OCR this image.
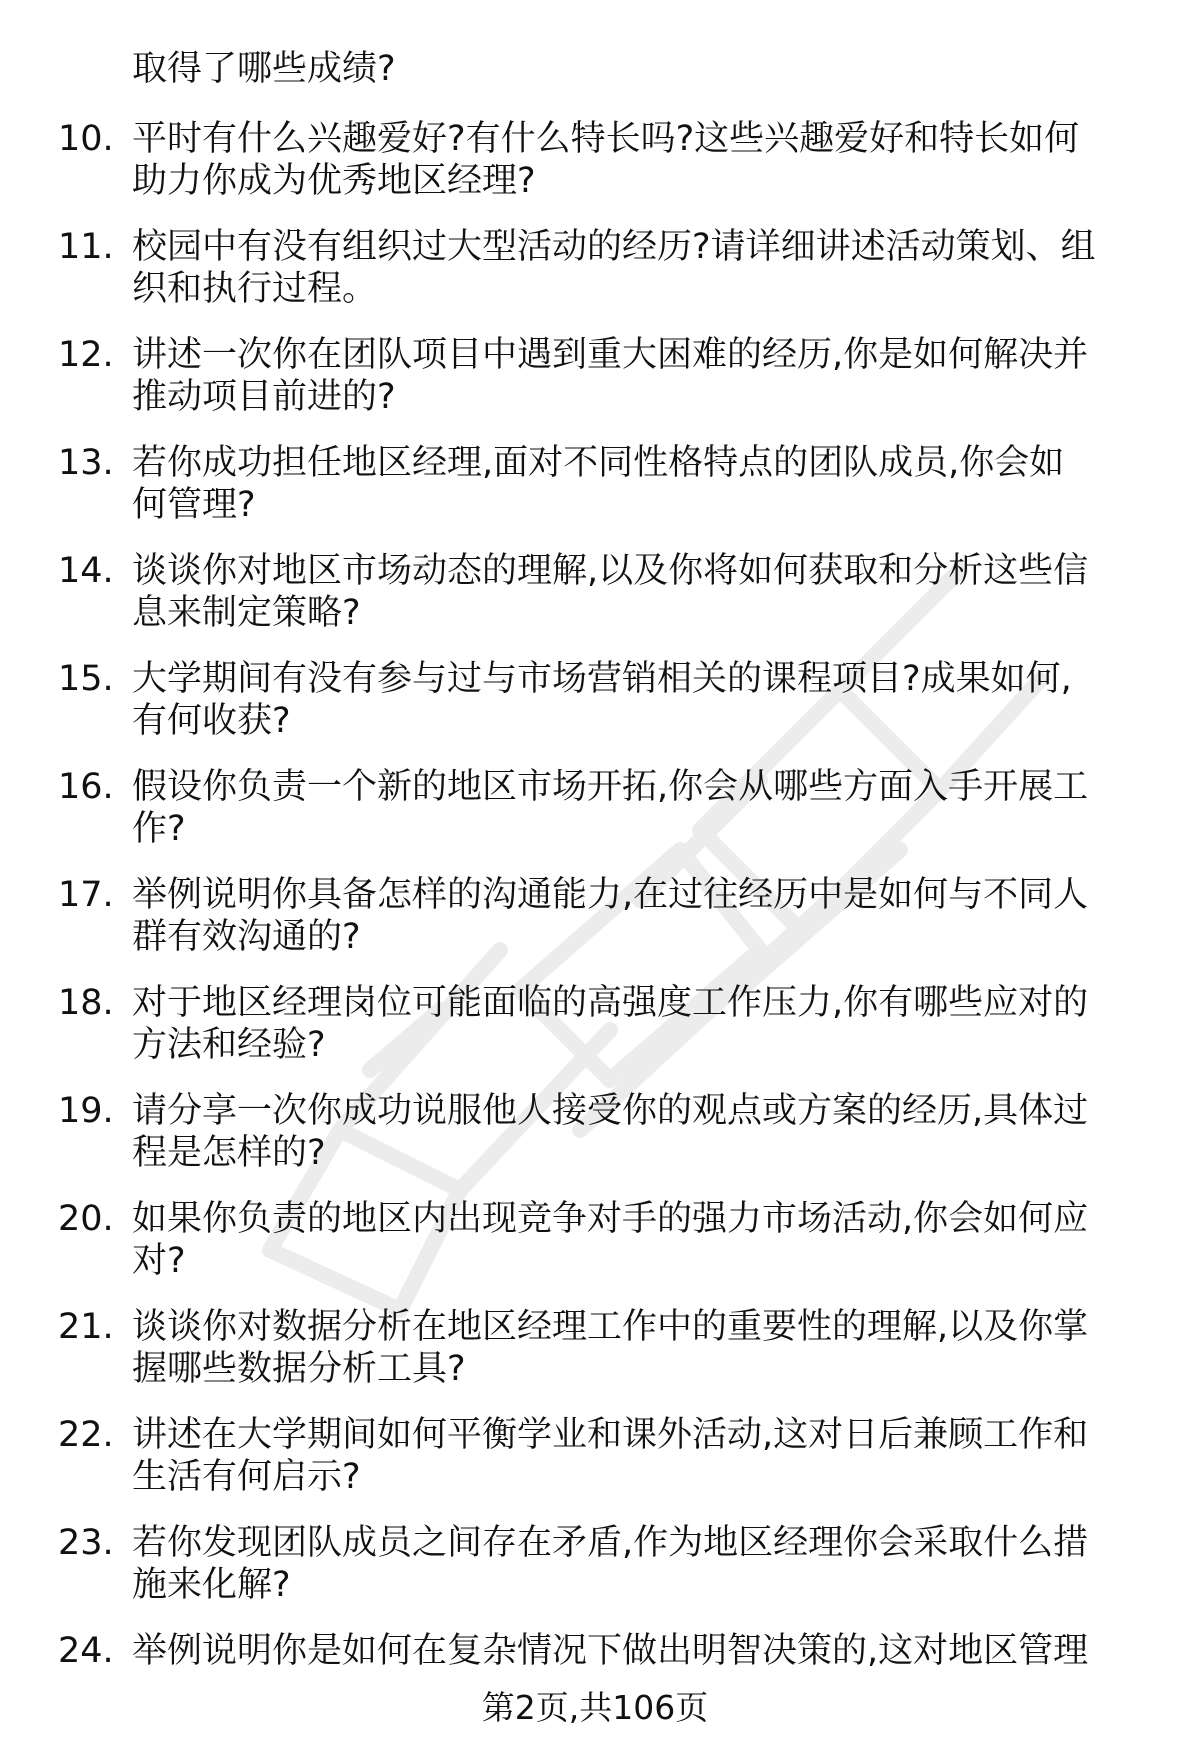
取得了哪些成绩?
10. 平时有什么兴趣爱好?有什么特长吗?这些兴趣爱好和特长如何
助力你成为优秀地区经理?
11. 校园中有没有组织过大型活动的经历?请详细讲述活动策划、组
织和执行过程。
12. 讲述一次你在团队项目中遇到重大困难的经历,你是如何解决并
推动项目前进的?
13. 若你成功担任地区经理,面对不同性格特点的团队成员,你会如
何管理?
14. 谈谈你对地区市场动态的理解,以及你将如何获取和分析这些信
息来制定策略?
15. 大学期间有没有参与过与市场营销相关的课程项目?成果如何,
有何收获?
16. 假设你负责一个新的地区市场开拓,你会从哪些方面入手开展工
作?
17. 举例说明你具备怎样的沟通能力,在过往经历中是如何与不同人
群有效沟通的?
18. 对于地区经理岗位可能面临的高强度工作压力,你有哪些应对的
方法和经验?
19. 请分享一次你成功说服他人接受你的观点或方案的经历,具体过
程是怎样的?
20. 如果你负责的地区内出现竞争对手的强力市场活动,你会如何应
对?
21. 谈谈你对数据分析在地区经理工作中的重要性的理解,以及你掌
握哪些数据分析工具?
22. 讲述在大学期间如何平衡学业和课外活动,这对日后兼顾工作和
生活有何启示?
23. 若你发现团队成员之间存在矛盾,作为地区经理你会采取什么措
施来化解?
24. 举例说明你是如何在复杂情况下做出明智决策的,这对地区管理
第2页,共106页
